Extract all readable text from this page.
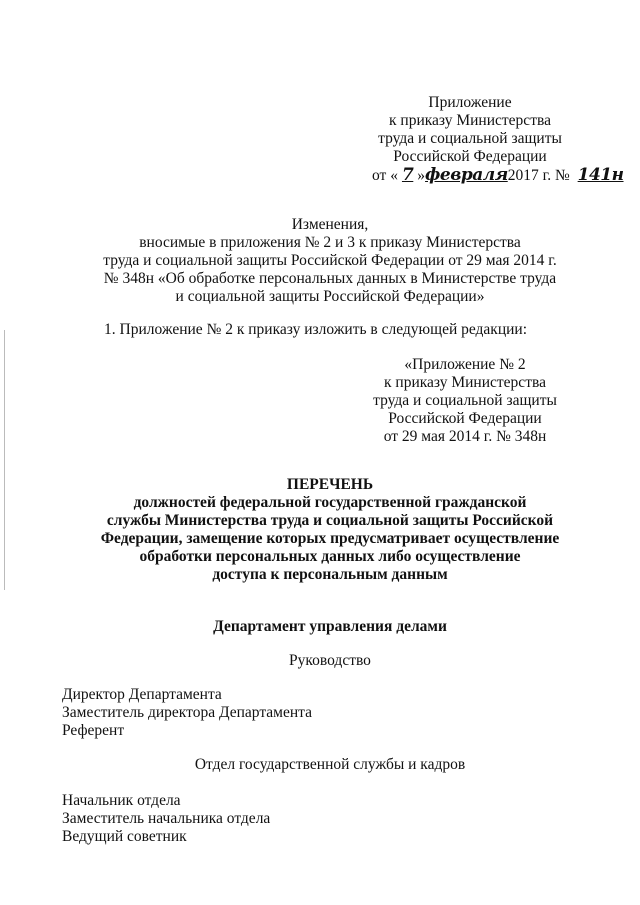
Приложение
к приказу Министерства
труда и социальной защиты
Российской Федерации
от « 7 »февраля2017 г. № 141н
Изменения,
вносимые в приложения № 2 и 3 к приказу Министерства
труда и социальной защиты Российской Федерации от 29 мая 2014 г.
№ 348н «Об обработке персональных данных в Министерстве труда
и социальной защиты Российской Федерации»
1. Приложение № 2 к приказу изложить в следующей редакции:
«Приложение № 2
к приказу Министерства
труда и социальной защиты
Российской Федерации
от 29 мая 2014 г. № 348н
ПЕРЕЧЕНЬ
должностей федеральной государственной гражданской
службы Министерства труда и социальной защиты Российской
Федерации, замещение которых предусматривает осуществление
обработки персональных данных либо осуществление
доступа к персональным данным
Департамент управления делами
Руководство
Директор Департамента
Заместитель директора Департамента
Референт
Отдел государственной службы и кадров
Начальник отдела
Заместитель начальника отдела
Ведущий советник
